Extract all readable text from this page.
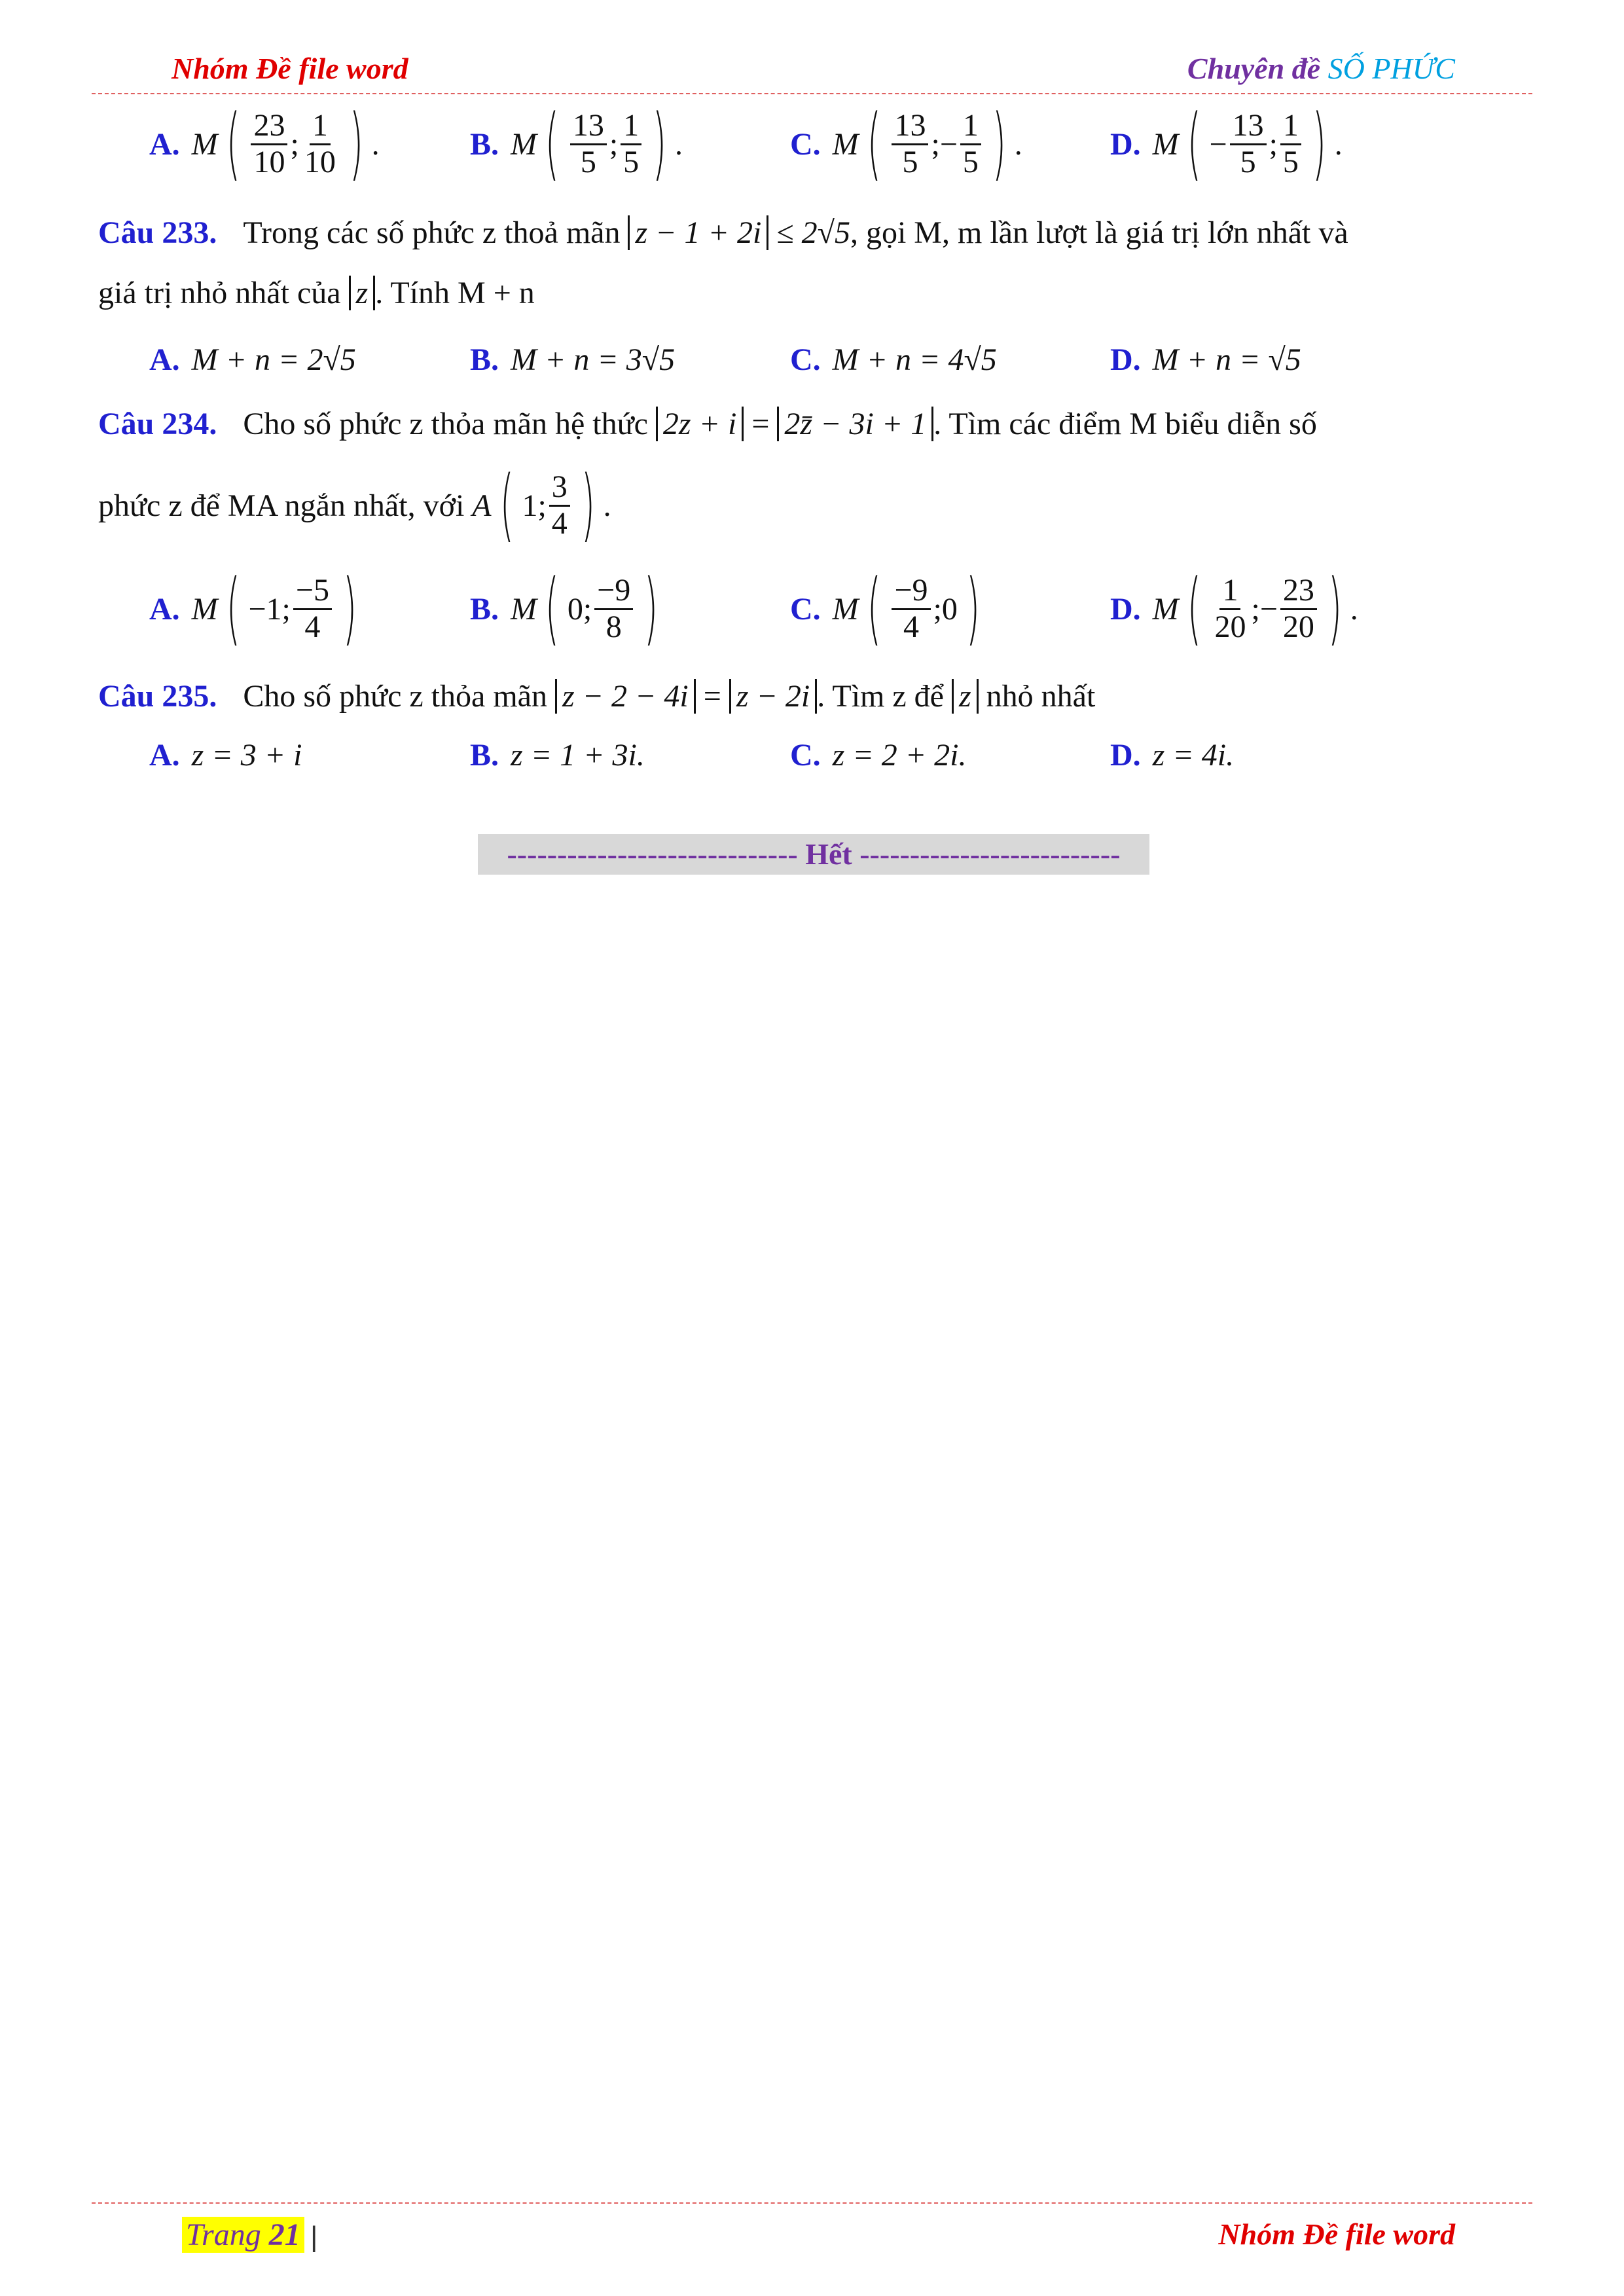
Nhóm Đề file word	Chuyên đề SỐ PHỨC
A. M ( $\frac{23}{10}$ ; $\frac{1}{10}$ ) .	B. M ( $\frac{13}{5}$ ; $\frac{1}{5}$ ) .	C. M ( $\frac{13}{5}$ ;− $\frac{1}{5}$ ) .	D. M ( − $\frac{13}{5}$ ; $\frac{1}{5}$ ) .
Câu 233. Trong các số phức z thoả mãn z − 1 + 2i ≤ 2√5, gọi M, m lần lượt là giá trị lớn nhất và
giá trị nhỏ nhất của z . Tính M + n
A. M + n = 2√5	B. M + n = 3√5	C. M + n = 4√5	D. M + n = √5
Câu 234. Cho số phức z thỏa mãn hệ thức 2z + i = 2z̄ − 3i + 1 . Tìm các điểm M biểu diễn số
phức z để MA ngắn nhất, với
A ( 1; $\frac{3}{4}$ ) .
A. M ( −1; $\frac{-5}{4}$ )	B. M ( 0; $\frac{-9}{8}$ )	C. M ( $\frac{-9}{4}$ ;0 )	D. M ( $\frac{1}{20}$ ;− $\frac{23}{20}$ ) .
Câu 235. Cho số phức z thỏa mãn z − 2 − 4i = z − 2i . Tìm z để z nhỏ nhất
A. z = 3 + i	B. z = 1 + 3i.	C. z = 2 + 2i.	D. z = 4i.
----------------------------- Hết --------------------------
Trang 21 |	Nhóm Đề file word
